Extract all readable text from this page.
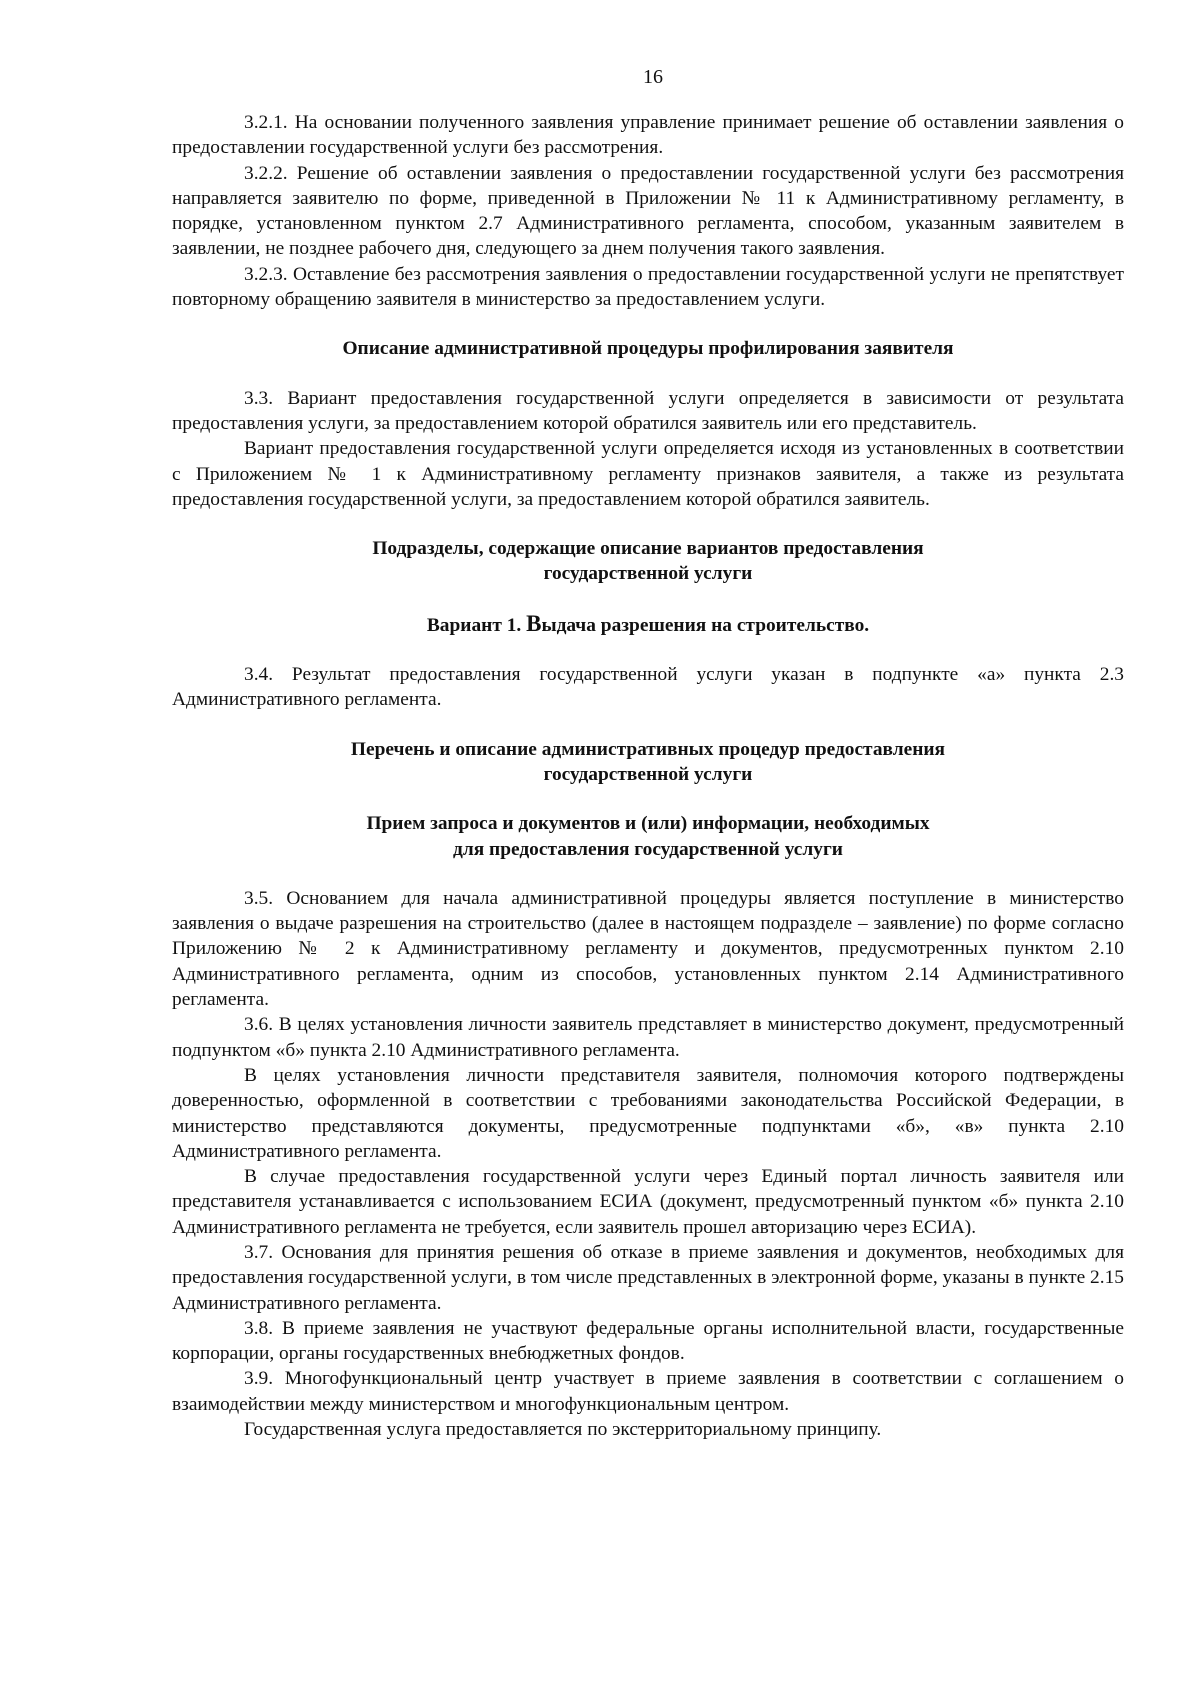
16

3.2.1. На основании полученного заявления управление принимает решение об оставлении заявления о предоставлении государственной услуги без рассмотрения.

3.2.2. Решение об оставлении заявления о предоставлении государственной услуги без рассмотрения направляется заявителю по форме, приведенной в Приложении № 11 к Административному регламенту, в порядке, установленном пунктом 2.7 Административного регламента, способом, указанным заявителем в заявлении, не позднее рабочего дня, следующего за днем получения такого заявления.

3.2.3. Оставление без рассмотрения заявления о предоставлении государственной услуги не препятствует повторному обращению заявителя в министерство за предоставлением услуги.

Описание административной процедуры профилирования заявителя

3.3. Вариант предоставления государственной услуги определяется в зависимости от результата предоставления услуги, за предоставлением которой обратился заявитель или его представитель.

Вариант предоставления государственной услуги определяется исходя из установленных в соответствии с Приложением № 1 к Административному регламенту признаков заявителя, а также из результата предоставления государственной услуги, за предоставлением которой обратился заявитель.

Подразделы, содержащие описание вариантов предоставления
государственной услуги

Вариант 1. Выдача разрешения на строительство.

3.4. Результат предоставления государственной услуги указан в подпункте «а» пункта 2.3 Административного регламента.

Перечень и описание административных процедур предоставления
государственной услуги
Прием запроса и документов и (или) информации, необходимых
для предоставления государственной услуги

3.5. Основанием для начала административной процедуры является поступление в министерство заявления о выдаче разрешения на строительство (далее в настоящем подразделе – заявление) по форме согласно Приложению № 2 к Административному регламенту и документов, предусмотренных пунктом 2.10 Административного регламента, одним из способов, установленных пунктом 2.14 Административного регламента.

3.6. В целях установления личности заявитель представляет в министерство документ, предусмотренный подпунктом «б» пункта 2.10 Административного регламента.

В целях установления личности представителя заявителя, полномочия которого подтверждены доверенностью, оформленной в соответствии с требованиями законодательства Российской Федерации, в министерство представляются документы, предусмотренные подпунктами «б», «в» пункта 2.10 Административного регламента.

В случае предоставления государственной услуги через Единый портал личность заявителя или представителя устанавливается с использованием ЕСИА (документ, предусмотренный пунктом «б» пункта 2.10 Административного регламента не требуется, если заявитель прошел авторизацию через ЕСИА).

3.7. Основания для принятия решения об отказе в приеме заявления и документов, необходимых для предоставления государственной услуги, в том числе представленных в электронной форме, указаны в пункте 2.15 Административного регламента.

3.8. В приеме заявления не участвуют федеральные органы исполнительной власти, государственные корпорации, органы государственных внебюджетных фондов.

3.9. Многофункциональный центр участвует в приеме заявления в соответствии с соглашением о взаимодействии между министерством и многофункциональным центром.

Государственная услуга предоставляется по экстерриториальному принципу.
